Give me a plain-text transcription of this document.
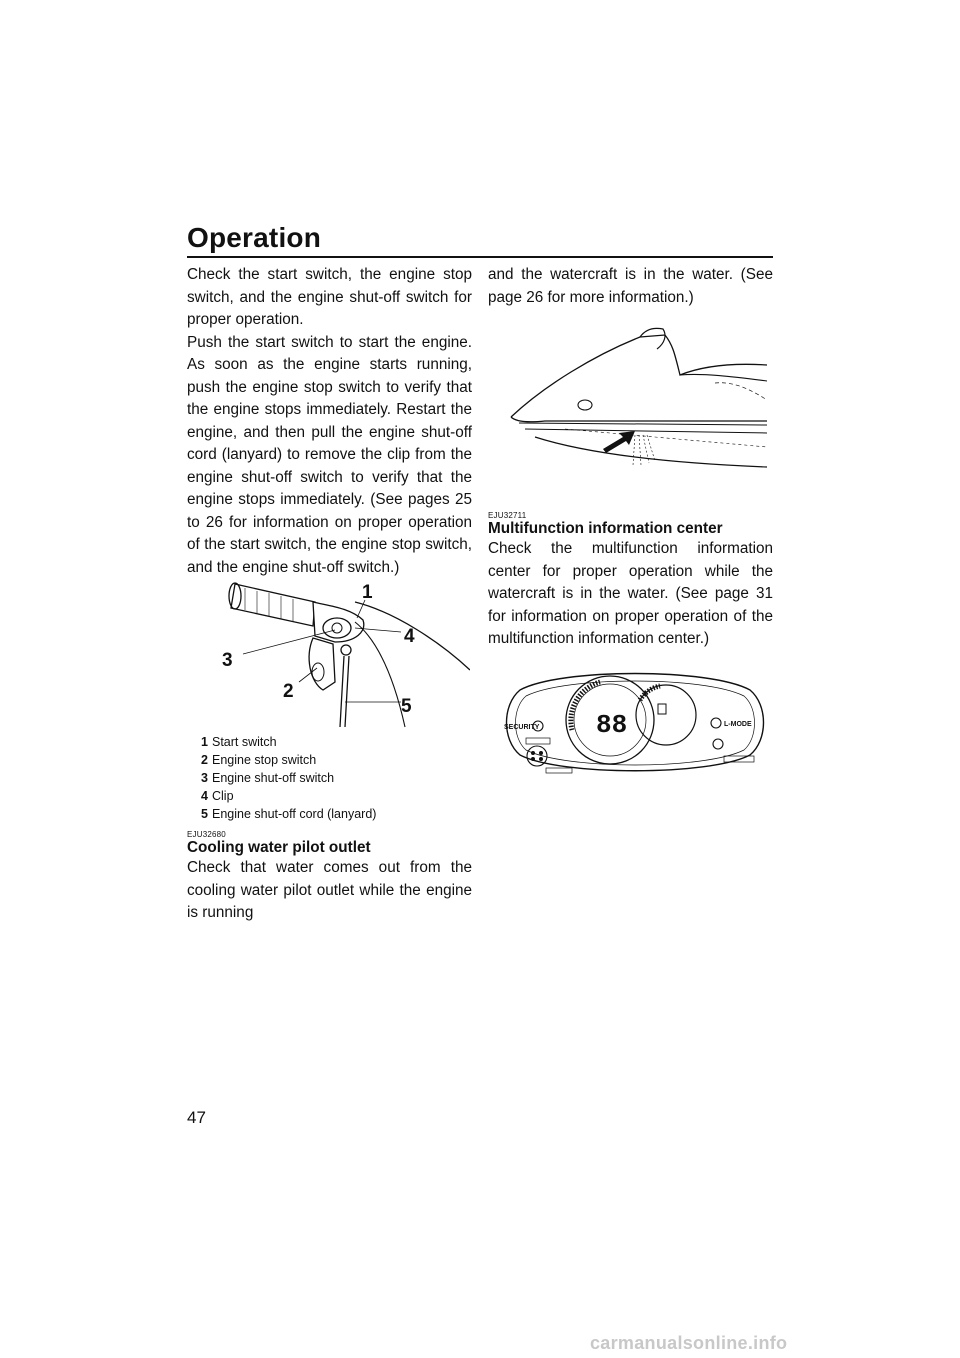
Operation

Check the start switch, the engine stop switch, and the engine shut-off switch for proper operation.

Push the start switch to start the engine. As soon as the engine starts running, push the engine stop switch to verify that the engine stops immediately. Restart the engine, and then pull the engine shut-off cord (lanyard) to remove the clip from the engine shut-off switch to verify that the engine stops immediately. (See pages 25 to 26 for information on proper operation of the start switch, the engine stop switch, and the engine shut-off switch.)

1
2
3
4
5
1 Start switch
2 Engine stop switch
3 Engine shut-off switch
4 Clip
5 Engine shut-off cord (lanyard)
EJU32680
Cooling water pilot outlet
Check that water comes out from the cooling water pilot outlet while the engine is running

and the watercraft is in the water. (See page 26 for more information.)

EJU32711
Multifunction information center
Check the multifunction information center for proper operation while the watercraft is in the water. (See page 31 for information on proper operation of the multifunction information center.)
88
SECURITY	L-MODE
47
carmanualsonline.info
